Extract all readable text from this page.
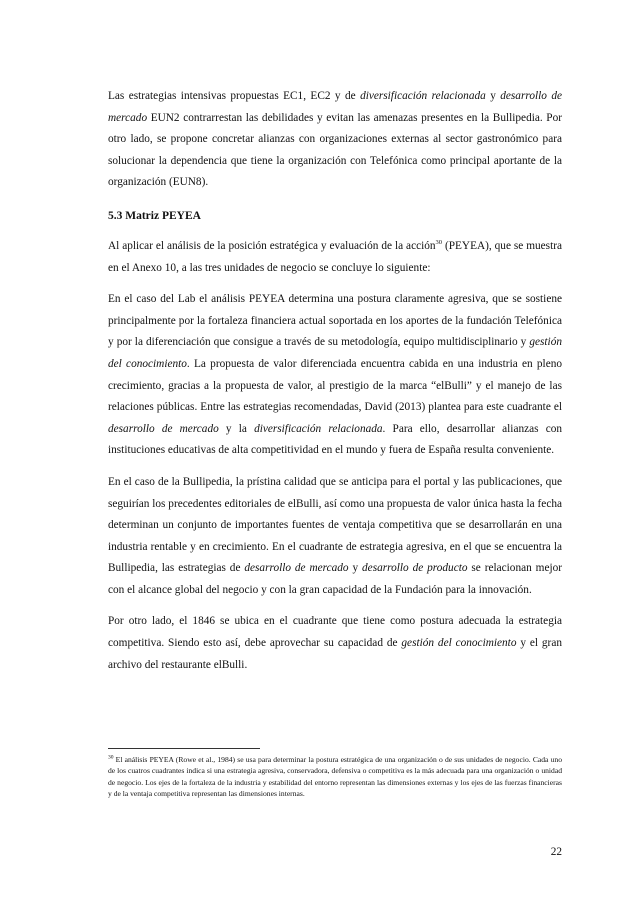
Las estrategias intensivas propuestas EC1, EC2 y de diversificación relacionada y desarrollo de mercado EUN2 contrarrestan las debilidades y evitan las amenazas presentes en la Bullipedia. Por otro lado, se propone concretar alianzas con organizaciones externas al sector gastronómico para solucionar la dependencia que tiene la organización con Telefónica como principal aportante de la organización (EUN8).

5.3 Matriz PEYEA

Al aplicar el análisis de la posición estratégica y evaluación de la acción$^{30}$ (PEYEA), que se muestra en el Anexo 10, a las tres unidades de negocio se concluye lo siguiente:

En el caso del Lab el análisis PEYEA determina una postura claramente agresiva, que se sostiene principalmente por la fortaleza financiera actual soportada en los aportes de la fundación Telefónica y por la diferenciación que consigue a través de su metodología, equipo multidisciplinario y gestión del conocimiento. La propuesta de valor diferenciada encuentra cabida en una industria en pleno crecimiento, gracias a la propuesta de valor, al prestigio de la marca “elBulli” y el manejo de las relaciones públicas. Entre las estrategias recomendadas, David (2013) plantea para este cuadrante el desarrollo de mercado y la diversificación relacionada. Para ello, desarrollar alianzas con instituciones educativas de alta competitividad en el mundo y fuera de España resulta conveniente.

En el caso de la Bullipedia, la prístina calidad que se anticipa para el portal y las publicaciones, que seguirían los precedentes editoriales de elBulli, así como una propuesta de valor única hasta la fecha determinan un conjunto de importantes fuentes de ventaja competitiva que se desarrollarán en una industria rentable y en crecimiento. En el cuadrante de estrategia agresiva, en el que se encuentra la Bullipedia, las estrategias de desarrollo de mercado y desarrollo de producto se relacionan mejor con el alcance global del negocio y con la gran capacidad de la Fundación para la innovación.

Por otro lado, el 1846 se ubica en el cuadrante que tiene como postura adecuada la estrategia competitiva. Siendo esto así, debe aprovechar su capacidad de gestión del conocimiento y el gran archivo del restaurante elBulli.

$^{30}$ El análisis PEYEA (Rowe et al., 1984) se usa para determinar la postura estratégica de una organización o de sus unidades de negocio. Cada uno de los cuatros cuadrantes indica si una estrategia agresiva, conservadora, defensiva o competitiva es la más adecuada para una organización o unidad de negocio. Los ejes de la fortaleza de la industria y estabilidad del entorno representan las dimensiones externas y los ejes de las fuerzas financieras y de la ventaja competitiva representan las dimensiones internas.
22
